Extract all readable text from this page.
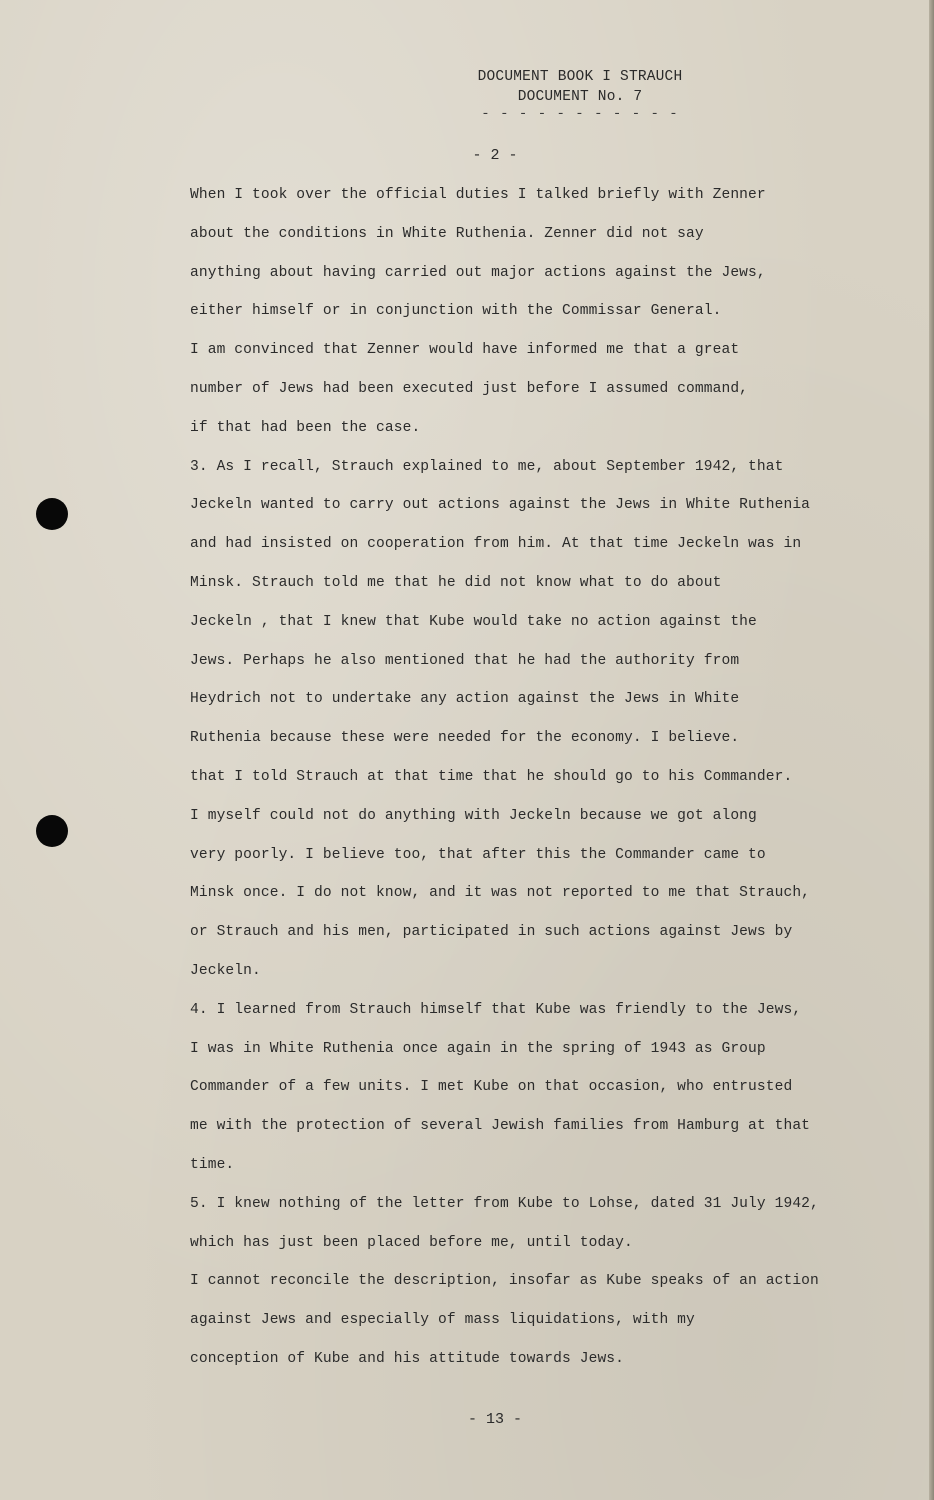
DOCUMENT BOOK I STRAUCH
DOCUMENT No. 7
- - - - - - - - - - -
- 2 -
When I took over the official duties I talked briefly with Zenner
about the conditions in White Ruthenia. Zenner did not say
anything about having carried out major actions against the Jews,
either himself or in conjunction with the Commissar General.
I am convinced that Zenner would have informed me that a great
number of Jews had been executed just before I assumed command,
if that had been the case.
3. As I recall, Strauch explained to me, about September 1942, that
Jeckeln wanted to carry out actions against the Jews in White Ruthenia
and had insisted on cooperation from him. At that time Jeckeln was in
Minsk. Strauch told me that he did not know what to do about
Jeckeln , that I knew that Kube would take no action against the
Jews. Perhaps he also mentioned that he had the authority from
Heydrich not to undertake any action against the Jews in White
Ruthenia because these were needed for the economy. I believe.
that I told Strauch at that time that he should go to his Commander.
I myself could not do anything with Jeckeln because we got along
very poorly. I believe too, that after this the Commander came to
Minsk once. I do not know, and it was not reported to me that Strauch,
or Strauch and his men, participated in such actions against Jews by
Jeckeln.
4. I learned from Strauch himself that Kube was friendly to the Jews,
I was in White Ruthenia once again in the spring of 1943 as Group
Commander of a few units. I met Kube on that occasion, who entrusted
me with the protection of several Jewish families from Hamburg at that
time.
5. I knew nothing of the letter from Kube to Lohse, dated 31 July 1942,
which has just been placed before me, until today.
I cannot reconcile the description, insofar as Kube speaks of an action
against Jews and especially of mass liquidations, with my
conception of Kube and his attitude towards Jews.
- 13 -
